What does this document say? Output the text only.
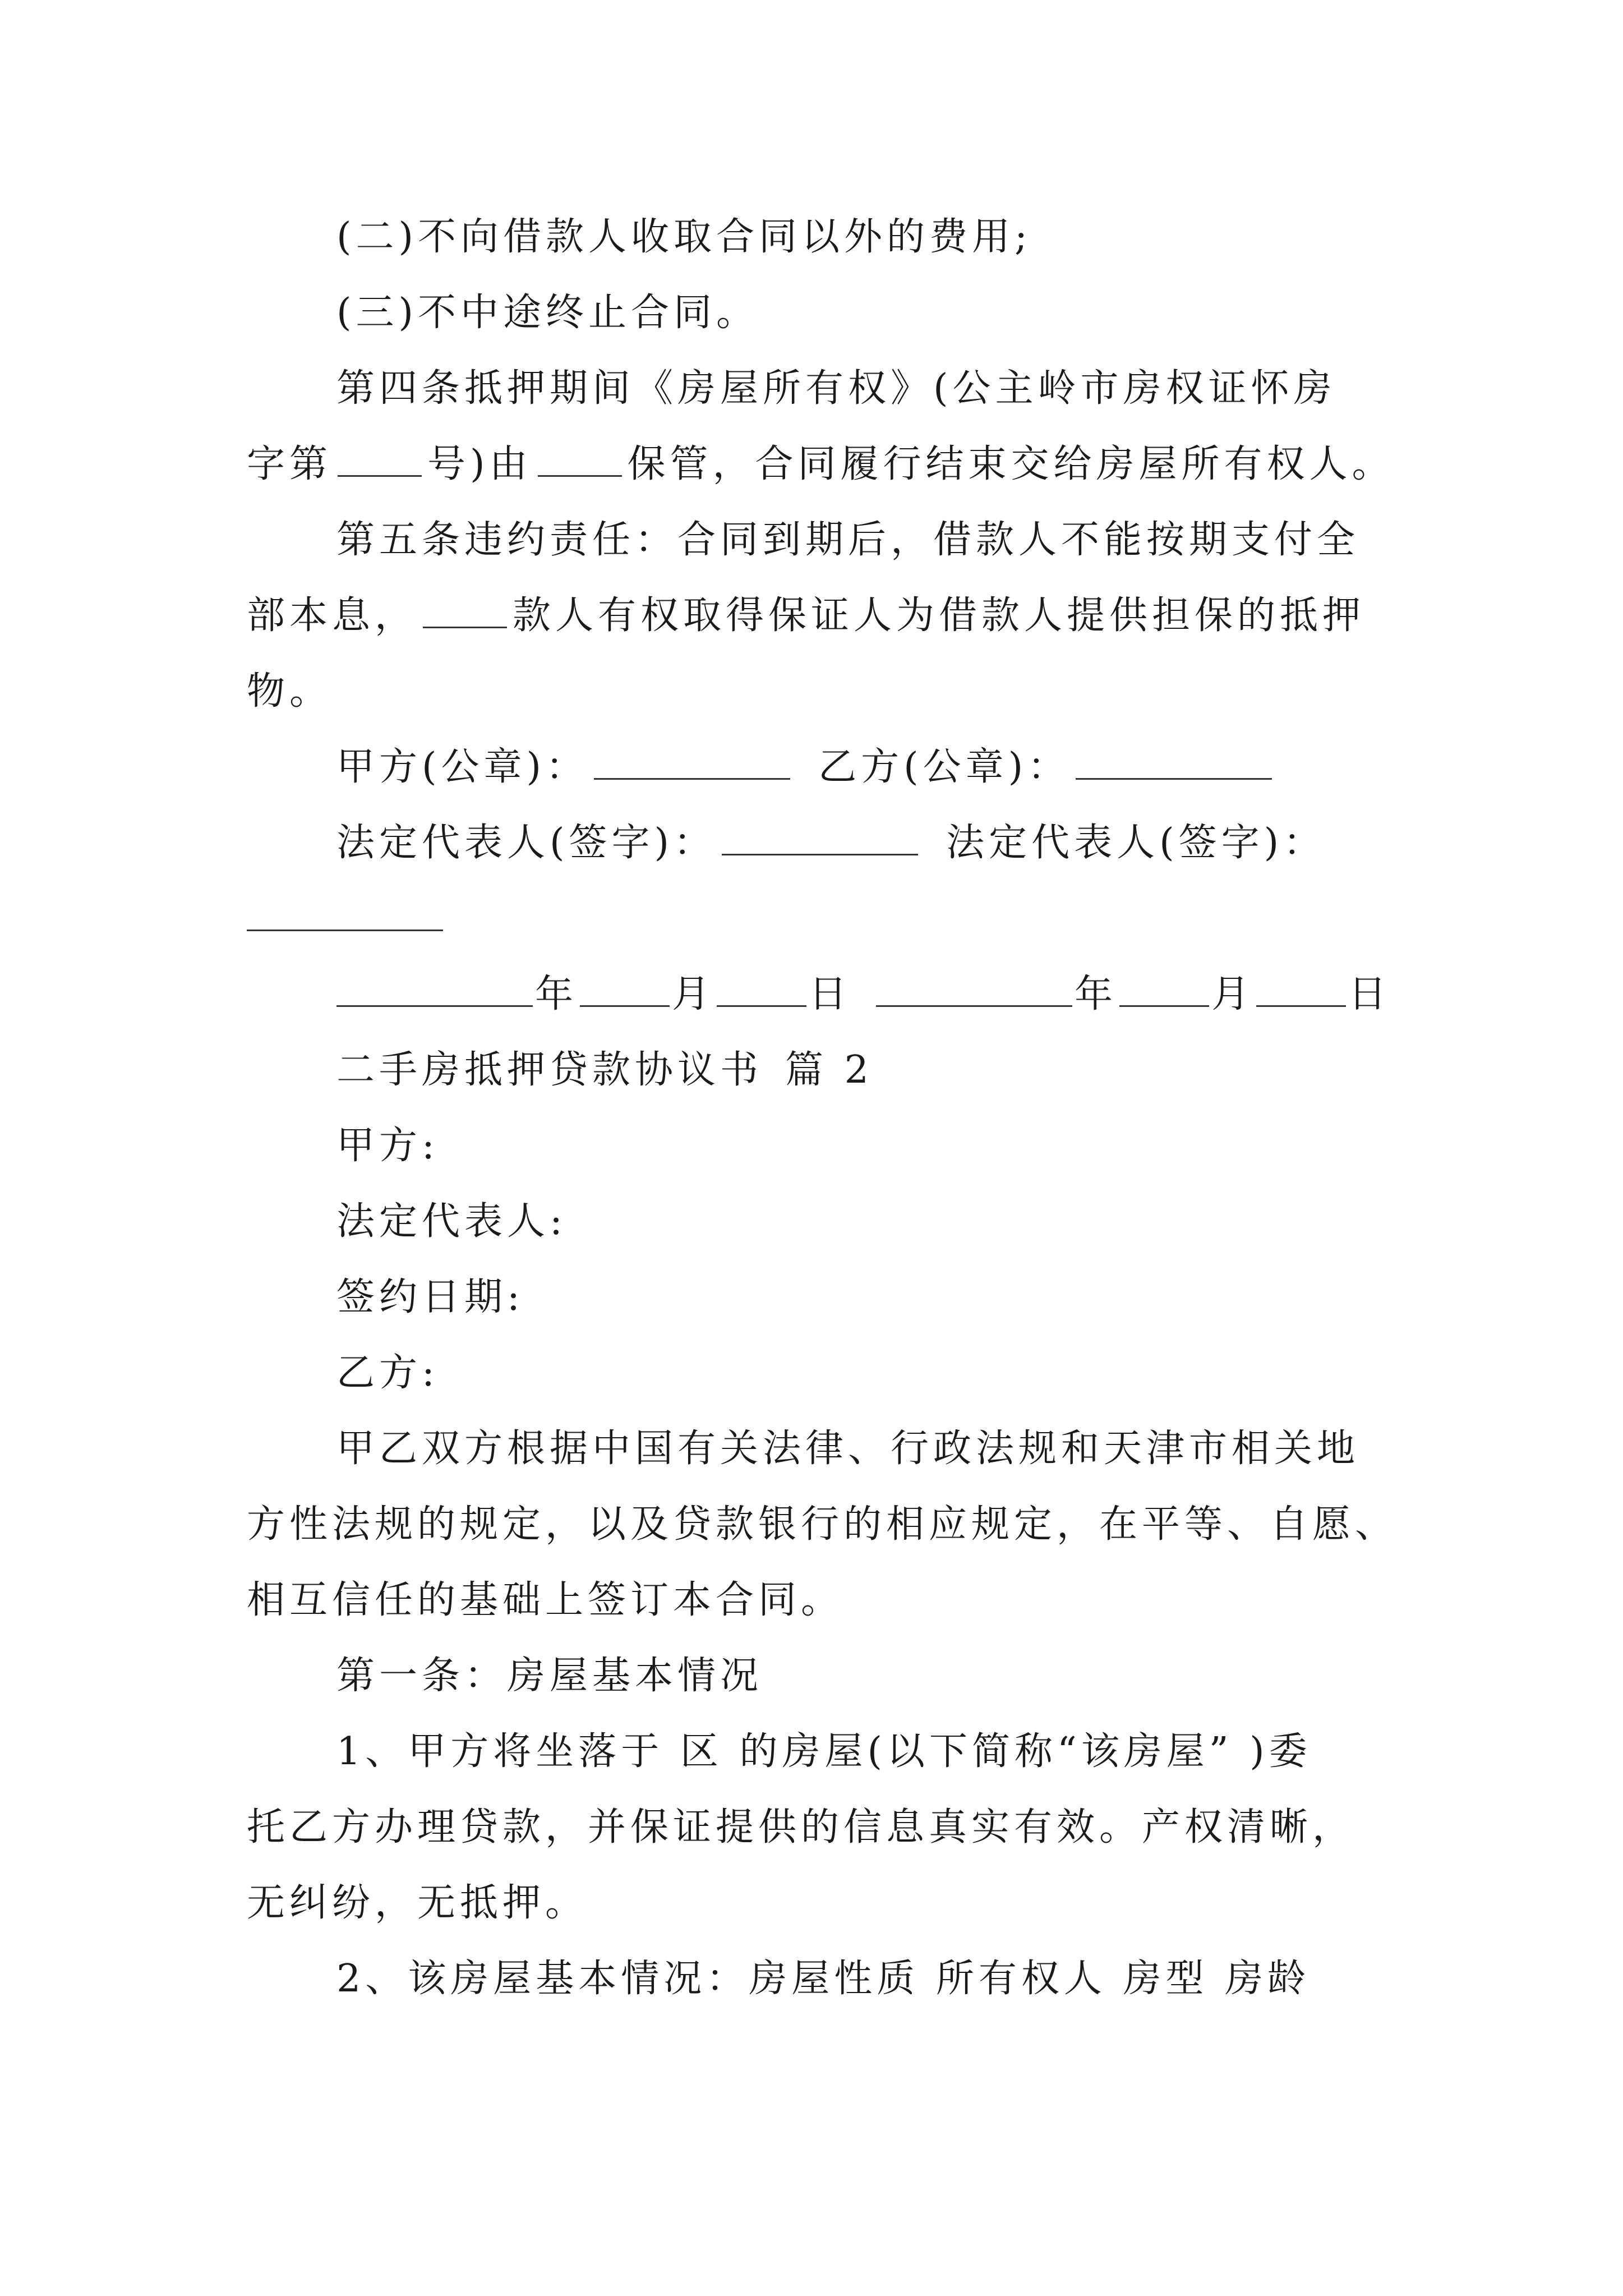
(二)不向借款人收取合同以外的费用;
(三)不中途终止合同。
第四条抵押期间《房屋所有权》(公主岭市房权证怀房
字第	号)由	保管，合同履行结束交给房屋所有权人。
第五条违约责任：合同到期后，借款人不能按期支付全
部本息，	款人有权取得保证人为借款人提供担保的抵押
物。
甲方(公章)：	乙方(公章)：
法定代表人(签字)：	法定代表人(签字)：
年 月 日	年 月 日
二手房抵押贷款协议书 篇 2
甲方:
法定代表人:
签约日期:
乙方:
甲乙双方根据中国有关法律、行政法规和天津市相关地
方性法规的规定，以及贷款银行的相应规定，在平等、自愿、
相互信任的基础上签订本合同。
第一条：房屋基本情况
1、甲方将坐落于 区 的房屋(以下简称“该房屋” )委
托乙方办理贷款，并保证提供的信息真实有效。产权清晰，
无纠纷，无抵押。
2、该房屋基本情况：房屋性质 所有权人 房型 房龄
